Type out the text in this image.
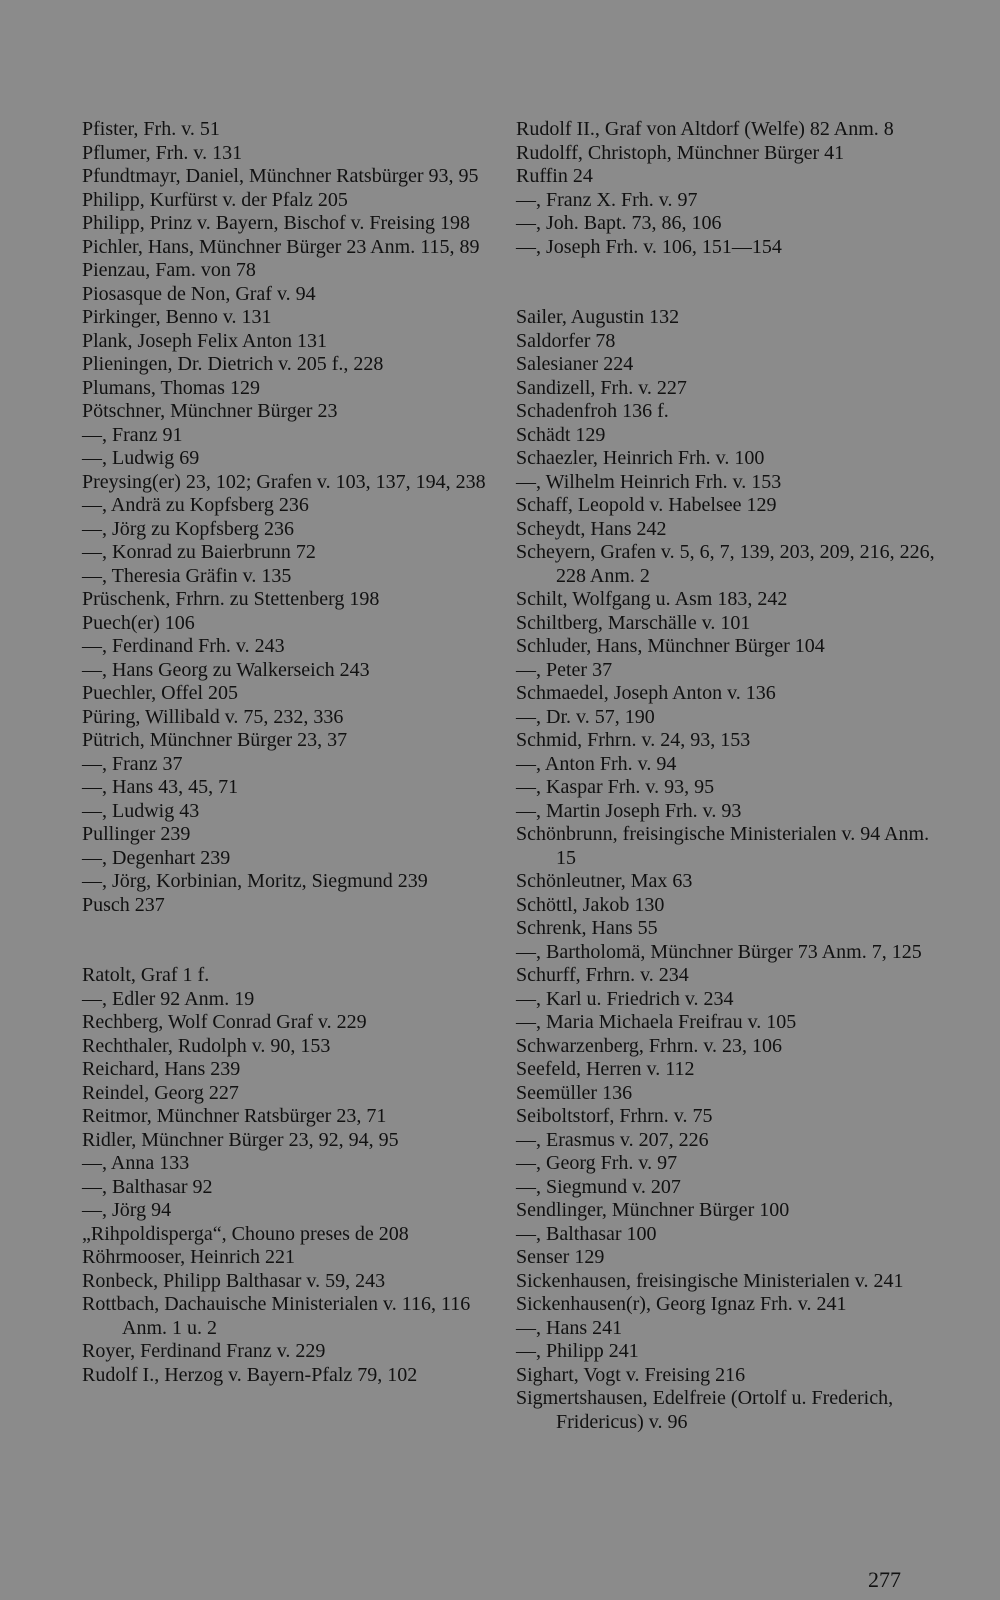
Pfister, Frh. v. 51
Pflumer, Frh. v. 131
Pfundtmayr, Daniel, Münchner Ratsbürger 93, 95
Philipp, Kurfürst v. der Pfalz 205
Philipp, Prinz v. Bayern, Bischof v. Freising 198
Pichler, Hans, Münchner Bürger 23 Anm. 115, 89
Pienzau, Fam. von 78
Piosasque de Non, Graf v. 94
Pirkinger, Benno v. 131
Plank, Joseph Felix Anton 131
Plieningen, Dr. Dietrich v. 205 f., 228
Plumans, Thomas 129
Pötschner, Münchner Bürger 23
—, Franz 91
—, Ludwig 69
Preysing(er) 23, 102; Grafen v. 103, 137, 194, 238
—, Andrä zu Kopfsberg 236
—, Jörg zu Kopfsberg 236
—, Konrad zu Baierbrunn 72
—, Theresia Gräfin v. 135
Prüschenk, Frhrn. zu Stettenberg 198
Puech(er) 106
—, Ferdinand Frh. v. 243
—, Hans Georg zu Walkerseich 243
Puechler, Offel 205
Püring, Willibald v. 75, 232, 336
Pütrich, Münchner Bürger 23, 37
—, Franz 37
—, Hans 43, 45, 71
—, Ludwig 43
Pullinger 239
—, Degenhart 239
—, Jörg, Korbinian, Moritz, Siegmund 239
Pusch 237
Ratolt, Graf 1 f.
—, Edler 92 Anm. 19
Rechberg, Wolf Conrad Graf v. 229
Rechthaler, Rudolph v. 90, 153
Reichard, Hans 239
Reindel, Georg 227
Reitmor, Münchner Ratsbürger 23, 71
Ridler, Münchner Bürger 23, 92, 94, 95
—, Anna 133
—, Balthasar 92
—, Jörg 94
„Rihpoldisperga“, Chouno preses de 208
Röhrmooser, Heinrich 221
Ronbeck, Philipp Balthasar v. 59, 243
Rottbach, Dachauische Ministerialen v. 116, 116 Anm. 1 u. 2
Royer, Ferdinand Franz v. 229
Rudolf I., Herzog v. Bayern-Pfalz 79, 102
Rudolf II., Graf von Altdorf (Welfe) 82 Anm. 8
Rudolff, Christoph, Münchner Bürger 41
Ruffin 24
—, Franz X. Frh. v. 97
—, Joh. Bapt. 73, 86, 106
—, Joseph Frh. v. 106, 151—154
Sailer, Augustin 132
Saldorfer 78
Salesianer 224
Sandizell, Frh. v. 227
Schadenfroh 136 f.
Schädt 129
Schaezler, Heinrich Frh. v. 100
—, Wilhelm Heinrich Frh. v. 153
Schaff, Leopold v. Habelsee 129
Scheydt, Hans 242
Scheyern, Grafen v. 5, 6, 7, 139, 203, 209, 216, 226, 228 Anm. 2
Schilt, Wolfgang u. Asm 183, 242
Schiltberg, Marschälle v. 101
Schluder, Hans, Münchner Bürger 104
—, Peter 37
Schmaedel, Joseph Anton v. 136
—, Dr. v. 57, 190
Schmid, Frhrn. v. 24, 93, 153
—, Anton Frh. v. 94
—, Kaspar Frh. v. 93, 95
—, Martin Joseph Frh. v. 93
Schönbrunn, freisingische Ministerialen v. 94 Anm. 15
Schönleutner, Max 63
Schöttl, Jakob 130
Schrenk, Hans 55
—, Bartholomä, Münchner Bürger 73 Anm. 7, 125
Schurff, Frhrn. v. 234
—, Karl u. Friedrich v. 234
—, Maria Michaela Freifrau v. 105
Schwarzenberg, Frhrn. v. 23, 106
Seefeld, Herren v. 112
Seemüller 136
Seiboltstorf, Frhrn. v. 75
—, Erasmus v. 207, 226
—, Georg Frh. v. 97
—, Siegmund v. 207
Sendlinger, Münchner Bürger 100
—, Balthasar 100
Senser 129
Sickenhausen, freisingische Ministerialen v. 241
Sickenhausen(r), Georg Ignaz Frh. v. 241
—, Hans 241
—, Philipp 241
Sighart, Vogt v. Freising 216
Sigmertshausen, Edelfreie (Ortolf u. Frederich, Fridericus) v. 96
277
